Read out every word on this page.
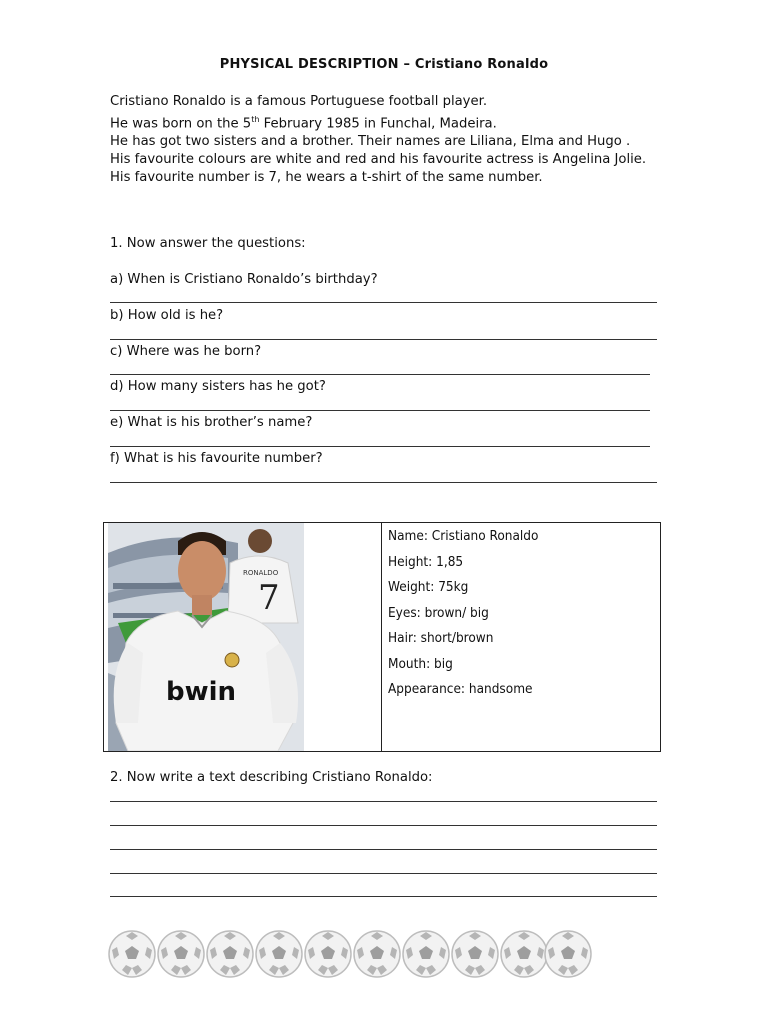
PHYSICAL DESCRIPTION – Cristiano Ronaldo
Cristiano Ronaldo is a famous Portuguese football player.
He was born on the 5th February 1985 in Funchal, Madeira.
He has got two sisters and a brother. Their names are Liliana, Elma and Hugo .
His favourite colours are white and red and his favourite actress is Angelina Jolie.
His favourite number is 7, he wears a t-shirt of the same number.
1. Now answer the questions:
a) When is Cristiano Ronaldo’s birthday?
b) How old is he?
c) Where was he born?
d) How many sisters has he got?
e) What is his brother’s name?
f) What is his favourite number?
RONALDO
7
bwin
Name: Cristiano Ronaldo
Height: 1,85
Weight: 75kg
Eyes: brown/ big
Hair: short/brown
Mouth: big
Appearance: handsome
2. Now write a text describing Cristiano Ronaldo:
